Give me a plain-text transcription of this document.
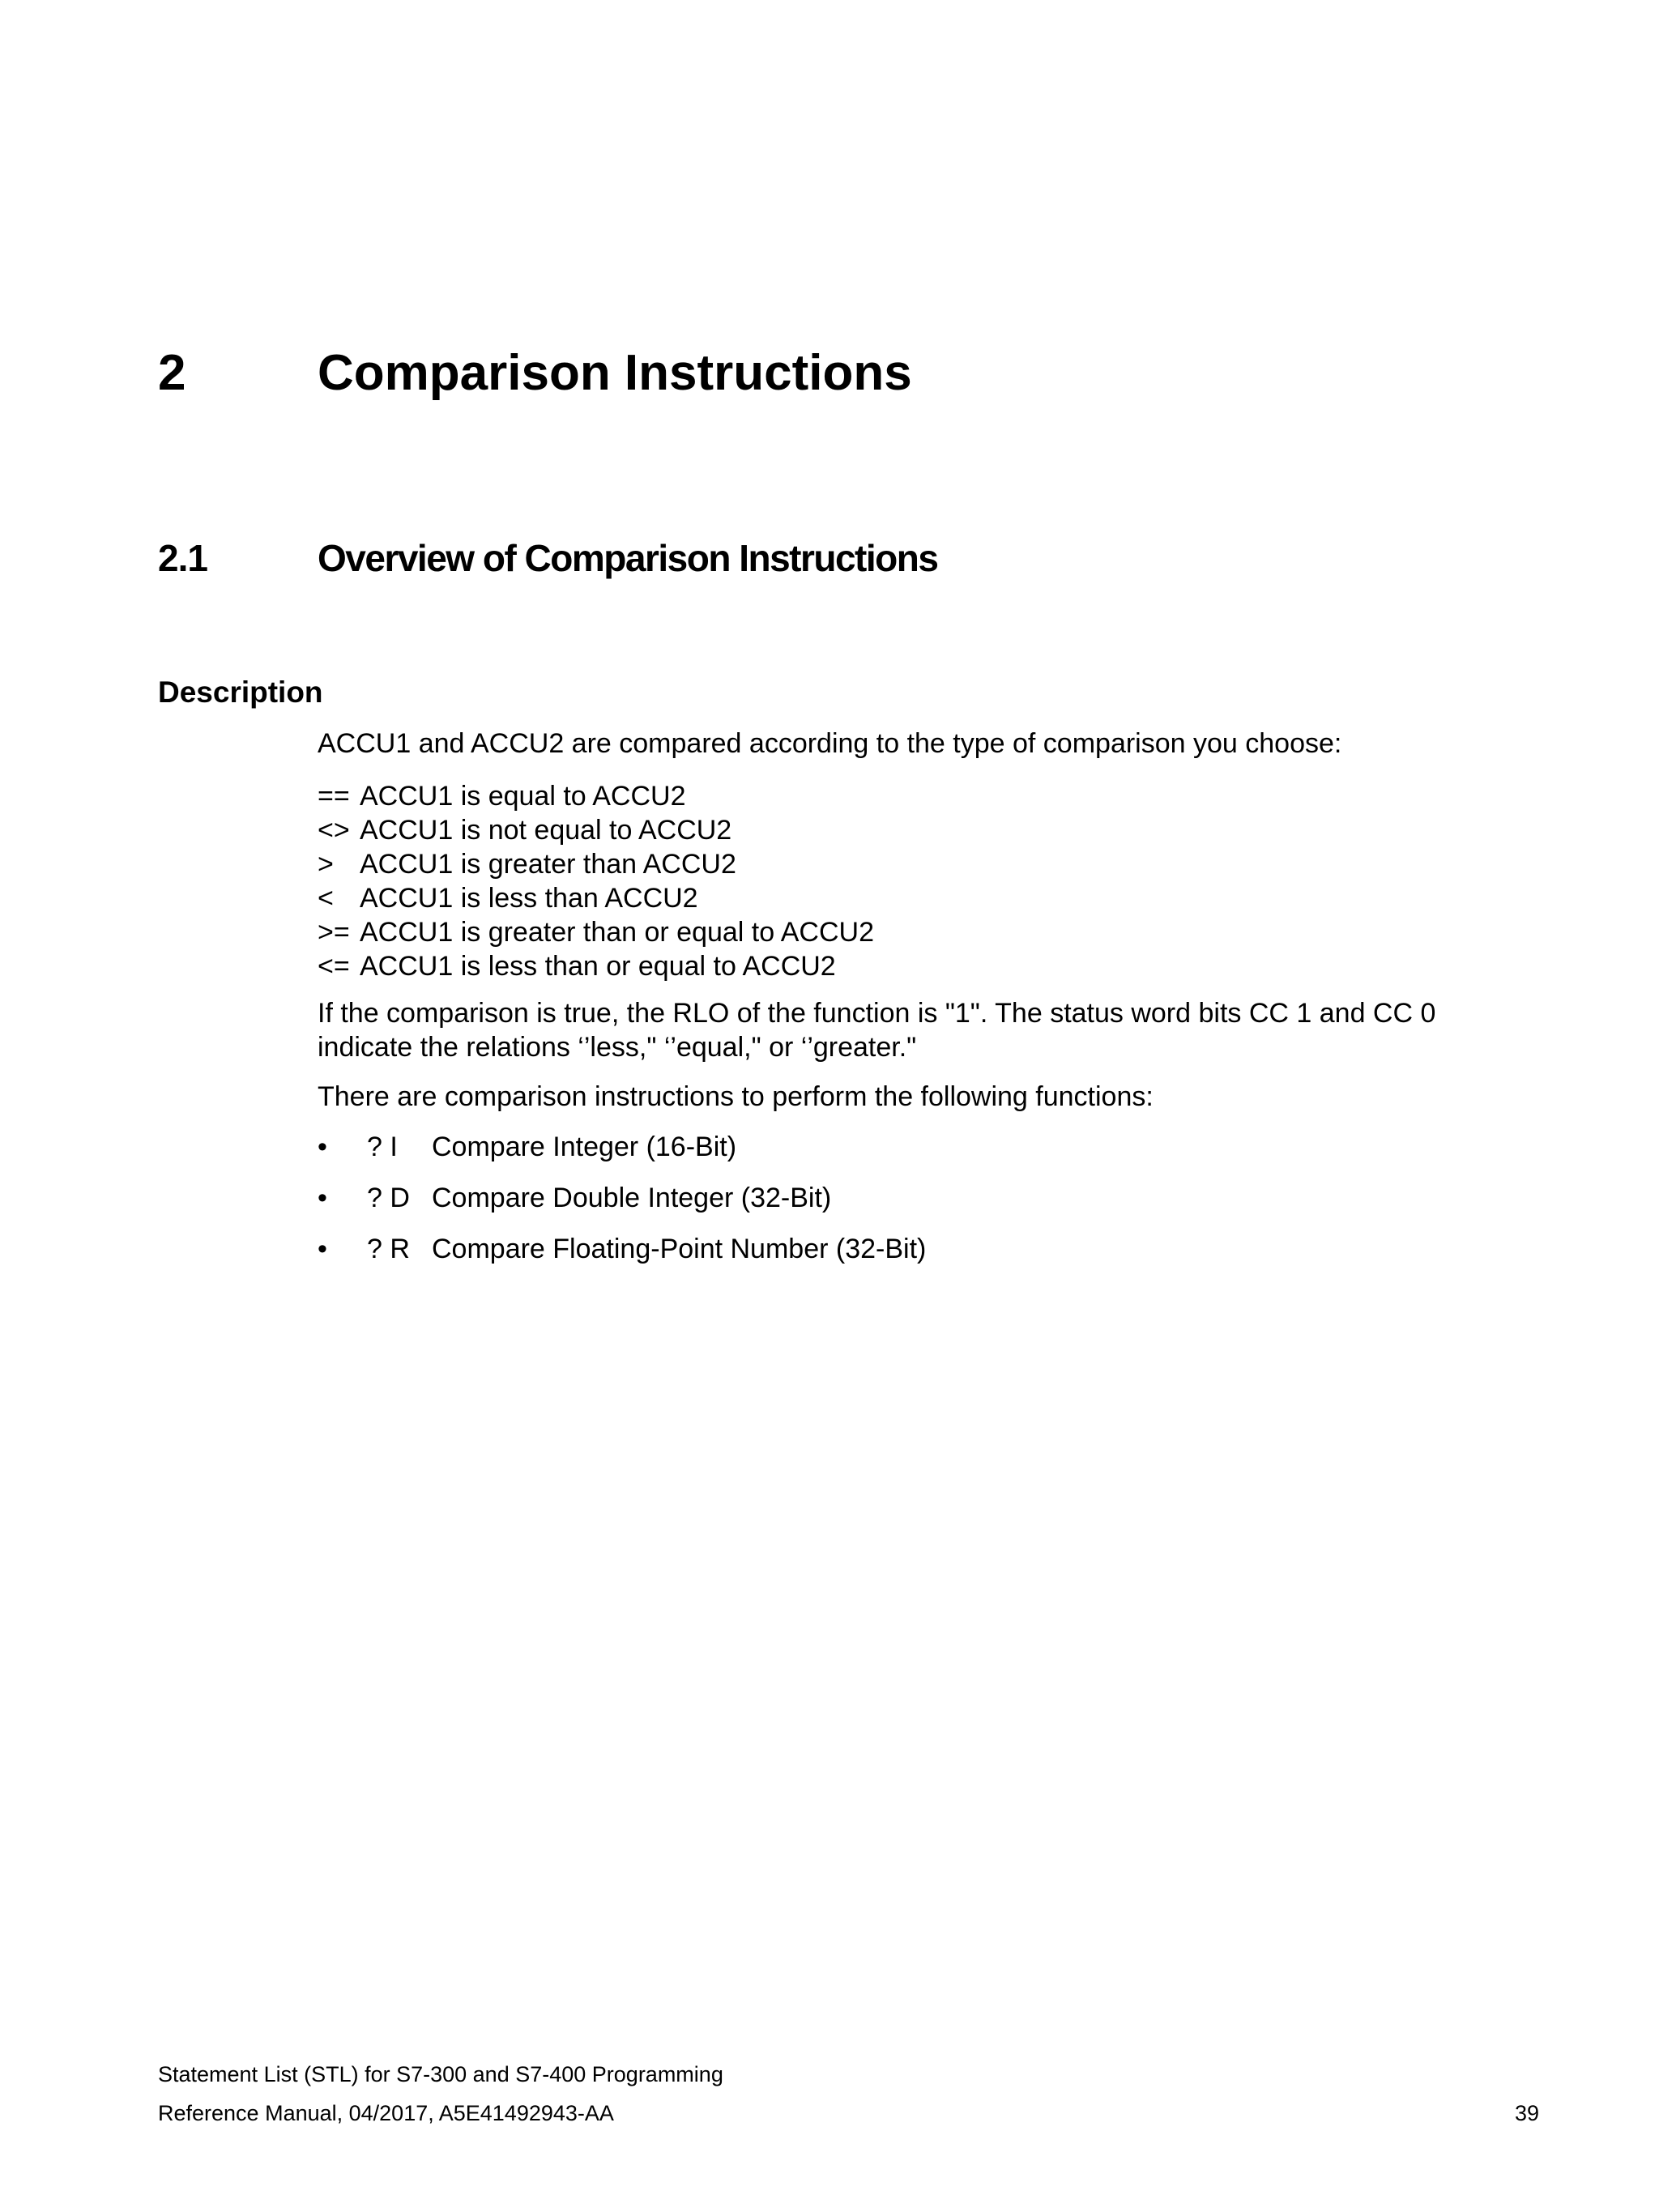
2	Comparison Instructions
2.1	Overview of Comparison Instructions
Description
ACCU1 and ACCU2 are compared according to the type of comparison you choose:
== ACCU1 is equal to ACCU2
<> ACCU1 is not equal to ACCU2
> ACCU1 is greater than ACCU2
< ACCU1 is less than ACCU2
>= ACCU1 is greater than or equal to ACCU2
<= ACCU1 is less than or equal to ACCU2
If the comparison is true, the RLO of the function is "1". The status word bits CC 1 and CC 0 indicate the relations ‘’less," ‘’equal," or ‘’greater."
There are comparison instructions to perform the following functions:
•	? I	Compare Integer (16-Bit)
•	? D Compare Double Integer (32-Bit)
•	? R Compare Floating-Point Number (32-Bit)
Statement List (STL) for S7-300 and S7-400 Programming
Reference Manual, 04/2017, A5E41492943-AA	39
